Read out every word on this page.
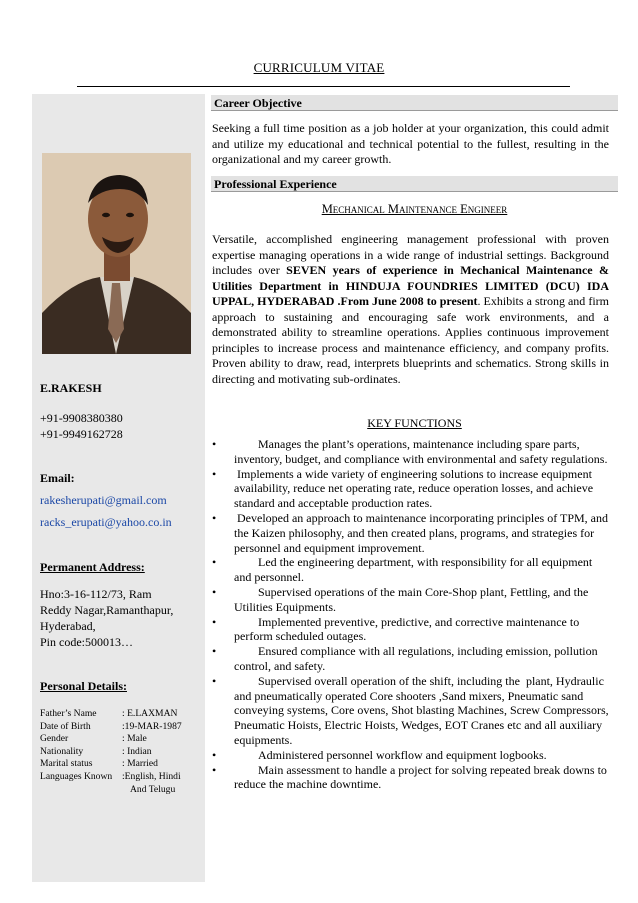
CURRICULUM VITAE
E.RAKESH
+91-9908380380
+91-9949162728
Email:
rakesherupati@gmail.com
racks_erupati@yahoo.co.in
Permanent Address:
Hno:3-16-112/73, Ram
Reddy Nagar,Ramanthapur,
Hyderabad,
Pin code:500013…
Personal Details:
Father’s Name	: E.LAXMAN
Date of Birth	:19-MAR-1987
Gender	: Male
Nationality	: Indian
Marital status	: Married
Languages Known	:English, Hindi
	And Telugu
Career Objective
Seeking a full time position as a job holder at your organization, this could admit and utilize my educational and technical potential to the fullest, resulting in the organizational and my career growth.
Professional Experience
Mechanical Maintenance Engineer
Versatile, accomplished engineering management professional with proven expertise managing operations in a wide range of industrial settings. Background includes over SEVEN years of experience in Mechanical Maintenance & Utilities Department in HINDUJA FOUNDRIES LIMITED (DCU) IDA UPPAL, HYDERABAD .From June 2008 to present. Exhibits a strong and firm approach to sustaining and encouraging safe work environments, and a demonstrated ability to streamline operations. Applies continuous improvement principles to increase process and maintenance efficiency, and company profits. Proven ability to draw, read, interprets blueprints and schematics. Strong skills in directing and motivating sub-ordinates.
KEY FUNCTIONS
• Manages the plant’s operations, maintenance including spare parts, inventory, budget, and compliance with environmental and safety regulations.
• Implements a wide variety of engineering solutions to increase equipment availability, reduce net operating rate, reduce operation losses, and achieve standard and acceptable production rates.
• Developed an approach to maintenance incorporating principles of TPM, and the Kaizen philosophy, and then created plans, programs, and strategies for personnel and equipment improvement.
• Led the engineering department, with responsibility for all equipment and personnel.
• Supervised operations of the main Core-Shop plant, Fettling, and the Utilities Equipments.
• Implemented preventive, predictive, and corrective maintenance to perform scheduled outages.
• Ensured compliance with all regulations, including emission, pollution control, and safety.
• Supervised overall operation of the shift, including the  plant, Hydraulic and pneumatically operated Core shooters ,Sand mixers, Pneumatic sand conveying systems, Core ovens, Shot blasting Machines, Screw Compressors, Pneumatic Hoists, Electric Hoists, Wedges, EOT Cranes etc and all auxiliary equipments.
• Administered personnel workflow and equipment logbooks.
• Main assessment to handle a project for solving repeated break downs to reduce the machine downtime.
